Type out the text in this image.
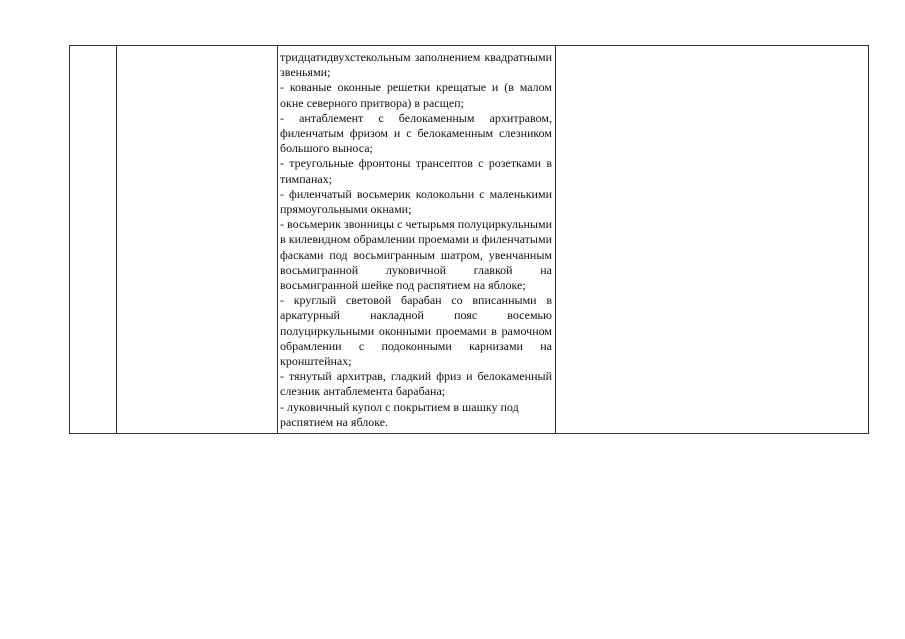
тридцатидвухстекольным заполнением квадратными звеньями;

- кованые оконные решетки крещатые и (в малом окне северного притвора) в расщеп;

- антаблемент с белокаменным архитравом, филенчатым фризом и с белокаменным слезником большого выноса;

- треугольные фронтоны трансептов с розетками в тимпанах;

- филенчатый восьмерик колокольни с маленькими прямоугольными окнами;

- восьмерик звонницы с четырьмя полуциркульными в килевидном обрамлении проемами и филенчатыми фасками под восьмигранным шатром, увенчанным восьмигранной луковичной главкой на восьмигранной шейке под распятием на яблоке;

- круглый световой барабан со вписанными в аркатурный накладной пояс восемью полуциркульными оконными проемами в рамочном обрамлении с подоконными карнизами на кронштейнах;

- тянутый архитрав, гладкий фриз и белокаменный слезник антаблемента барабана;

- луковичный купол с покрытием в шашку под распятием на яблоке.
